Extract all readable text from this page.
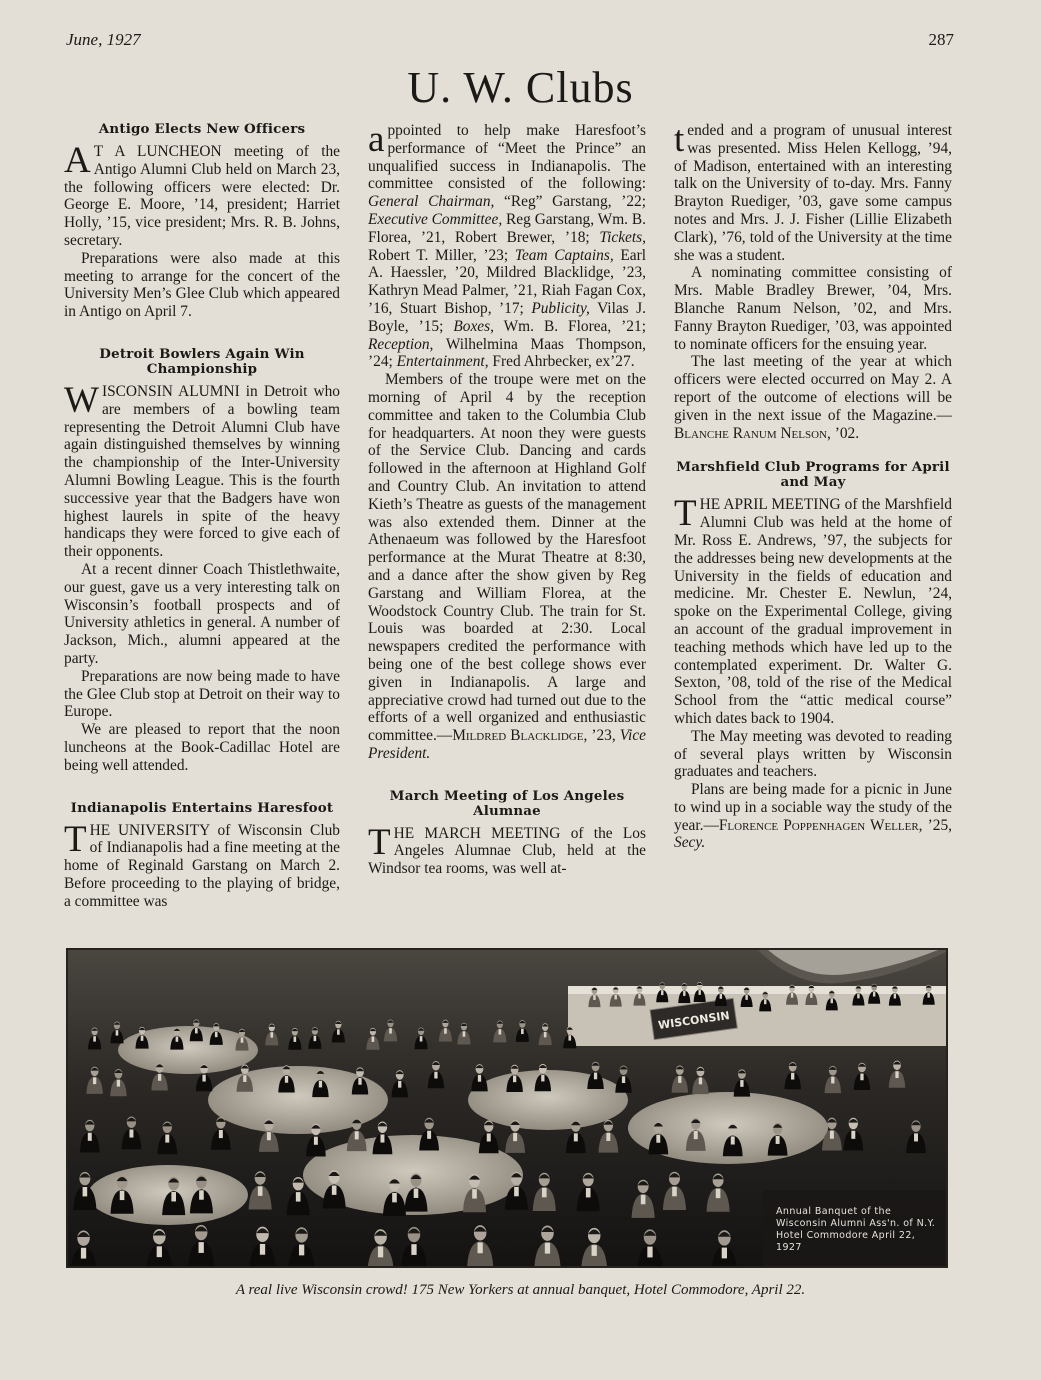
June, 1927	287
U. W. Clubs
Antigo Elects New Officers

AT A LUNCHEON meeting of the Antigo Alumni Club held on March 23, the following officers were elected: Dr. George E. Moore, ’14, president; Harriet Holly, ’15, vice president; Mrs. R. B. Johns, secretary.

Preparations were also made at this meeting to arrange for the concert of the University Men’s Glee Club which appeared in Antigo on April 7.

Detroit Bowlers Again Win Championship

WISCONSIN ALUMNI in Detroit who are members of a bowling team representing the Detroit Alumni Club have again distinguished themselves by winning the championship of the Inter-University Alumni Bowling League. This is the fourth successive year that the Badgers have won highest laurels in spite of the heavy handicaps they were forced to give each of their opponents.

At a recent dinner Coach Thistlethwaite, our guest, gave us a very interesting talk on Wisconsin’s football prospects and of University athletics in general. A number of Jackson, Mich., alumni appeared at the party.

Preparations are now being made to have the Glee Club stop at Detroit on their way to Europe.

We are pleased to report that the noon luncheons at the Book-Cadillac Hotel are being well attended.

Indianapolis Entertains Haresfoot

THE UNIVERSITY of Wisconsin Club of Indianapolis had a fine meeting at the home of Reginald Garstang on March 2. Before proceeding to the playing of bridge, a committee was

appointed to help make Haresfoot’s performance of “Meet the Prince” an unqualified success in Indianapolis. The committee consisted of the following: General Chairman, “Reg” Garstang, ’22; Executive Committee, Reg Garstang, Wm. B. Florea, ’21, Robert Brewer, ’18; Tickets, Robert T. Miller, ’23; Team Captains, Earl A. Haessler, ’20, Mildred Blacklidge, ’23, Kathryn Mead Palmer, ’21, Riah Fagan Cox, ’16, Stuart Bishop, ’17; Publicity, Vilas J. Boyle, ’15; Boxes, Wm. B. Florea, ’21; Reception, Wilhelmina Maas Thompson, ’24; Entertainment, Fred Ahrbecker, ex’27.

Members of the troupe were met on the morning of April 4 by the reception committee and taken to the Columbia Club for headquarters. At noon they were guests of the Service Club. Dancing and cards followed in the afternoon at Highland Golf and Country Club. An invitation to attend Kieth’s Theatre as guests of the management was also extended them. Dinner at the Athenaeum was followed by the Haresfoot performance at the Murat Theatre at 8:30, and a dance after the show given by Reg Garstang and William Florea, at the Woodstock Country Club. The train for St. Louis was boarded at 2:30. Local newspapers credited the performance with being one of the best college shows ever given in Indianapolis. A large and appreciative crowd had turned out due to the efforts of a well organized and enthusiastic committee.—Mildred Blacklidge, ’23, Vice President.

March Meeting of Los Angeles Alumnae

THE MARCH MEETING of the Los Angeles Alumnae Club, held at the Windsor tea rooms, was well at-

tended and a program of unusual interest was presented. Miss Helen Kellogg, ’94, of Madison, entertained with an interesting talk on the University of to-day. Mrs. Fanny Brayton Ruediger, ’03, gave some campus notes and Mrs. J. J. Fisher (Lillie Elizabeth Clark), ’76, told of the University at the time she was a student.

A nominating committee consisting of Mrs. Mable Bradley Brewer, ’04, Mrs. Blanche Ranum Nelson, ’02, and Mrs. Fanny Brayton Ruediger, ’03, was appointed to nominate officers for the ensuing year.

The last meeting of the year at which officers were elected occurred on May 2. A report of the outcome of elections will be given in the next issue of the Magazine.—Blanche Ranum Nelson, ’02.

Marshfield Club Programs for April and May

THE APRIL MEETING of the Marshfield Alumni Club was held at the home of Mr. Ross E. Andrews, ’97, the subjects for the addresses being new developments at the University in the fields of education and medicine. Mr. Chester E. Newlun, ’24, spoke on the Experimental College, giving an account of the gradual improvement in teaching methods which have led up to the contemplated experiment. Dr. Walter G. Sexton, ’08, told of the rise of the Medical School from the “attic medical course” which dates back to 1904.

The May meeting was devoted to reading of several plays written by Wisconsin graduates and teachers.

Plans are being made for a picnic in June to wind up in a sociable way the study of the year.—Florence Poppenhagen Weller, ’25, Secy.

WISCONSIN
Annual Banquet of the
Wisconsin Alumni Ass'n. of N.Y.
Hotel Commodore April 22, 1927
A real live Wisconsin crowd! 175 New Yorkers at annual banquet, Hotel Commodore, April 22.
